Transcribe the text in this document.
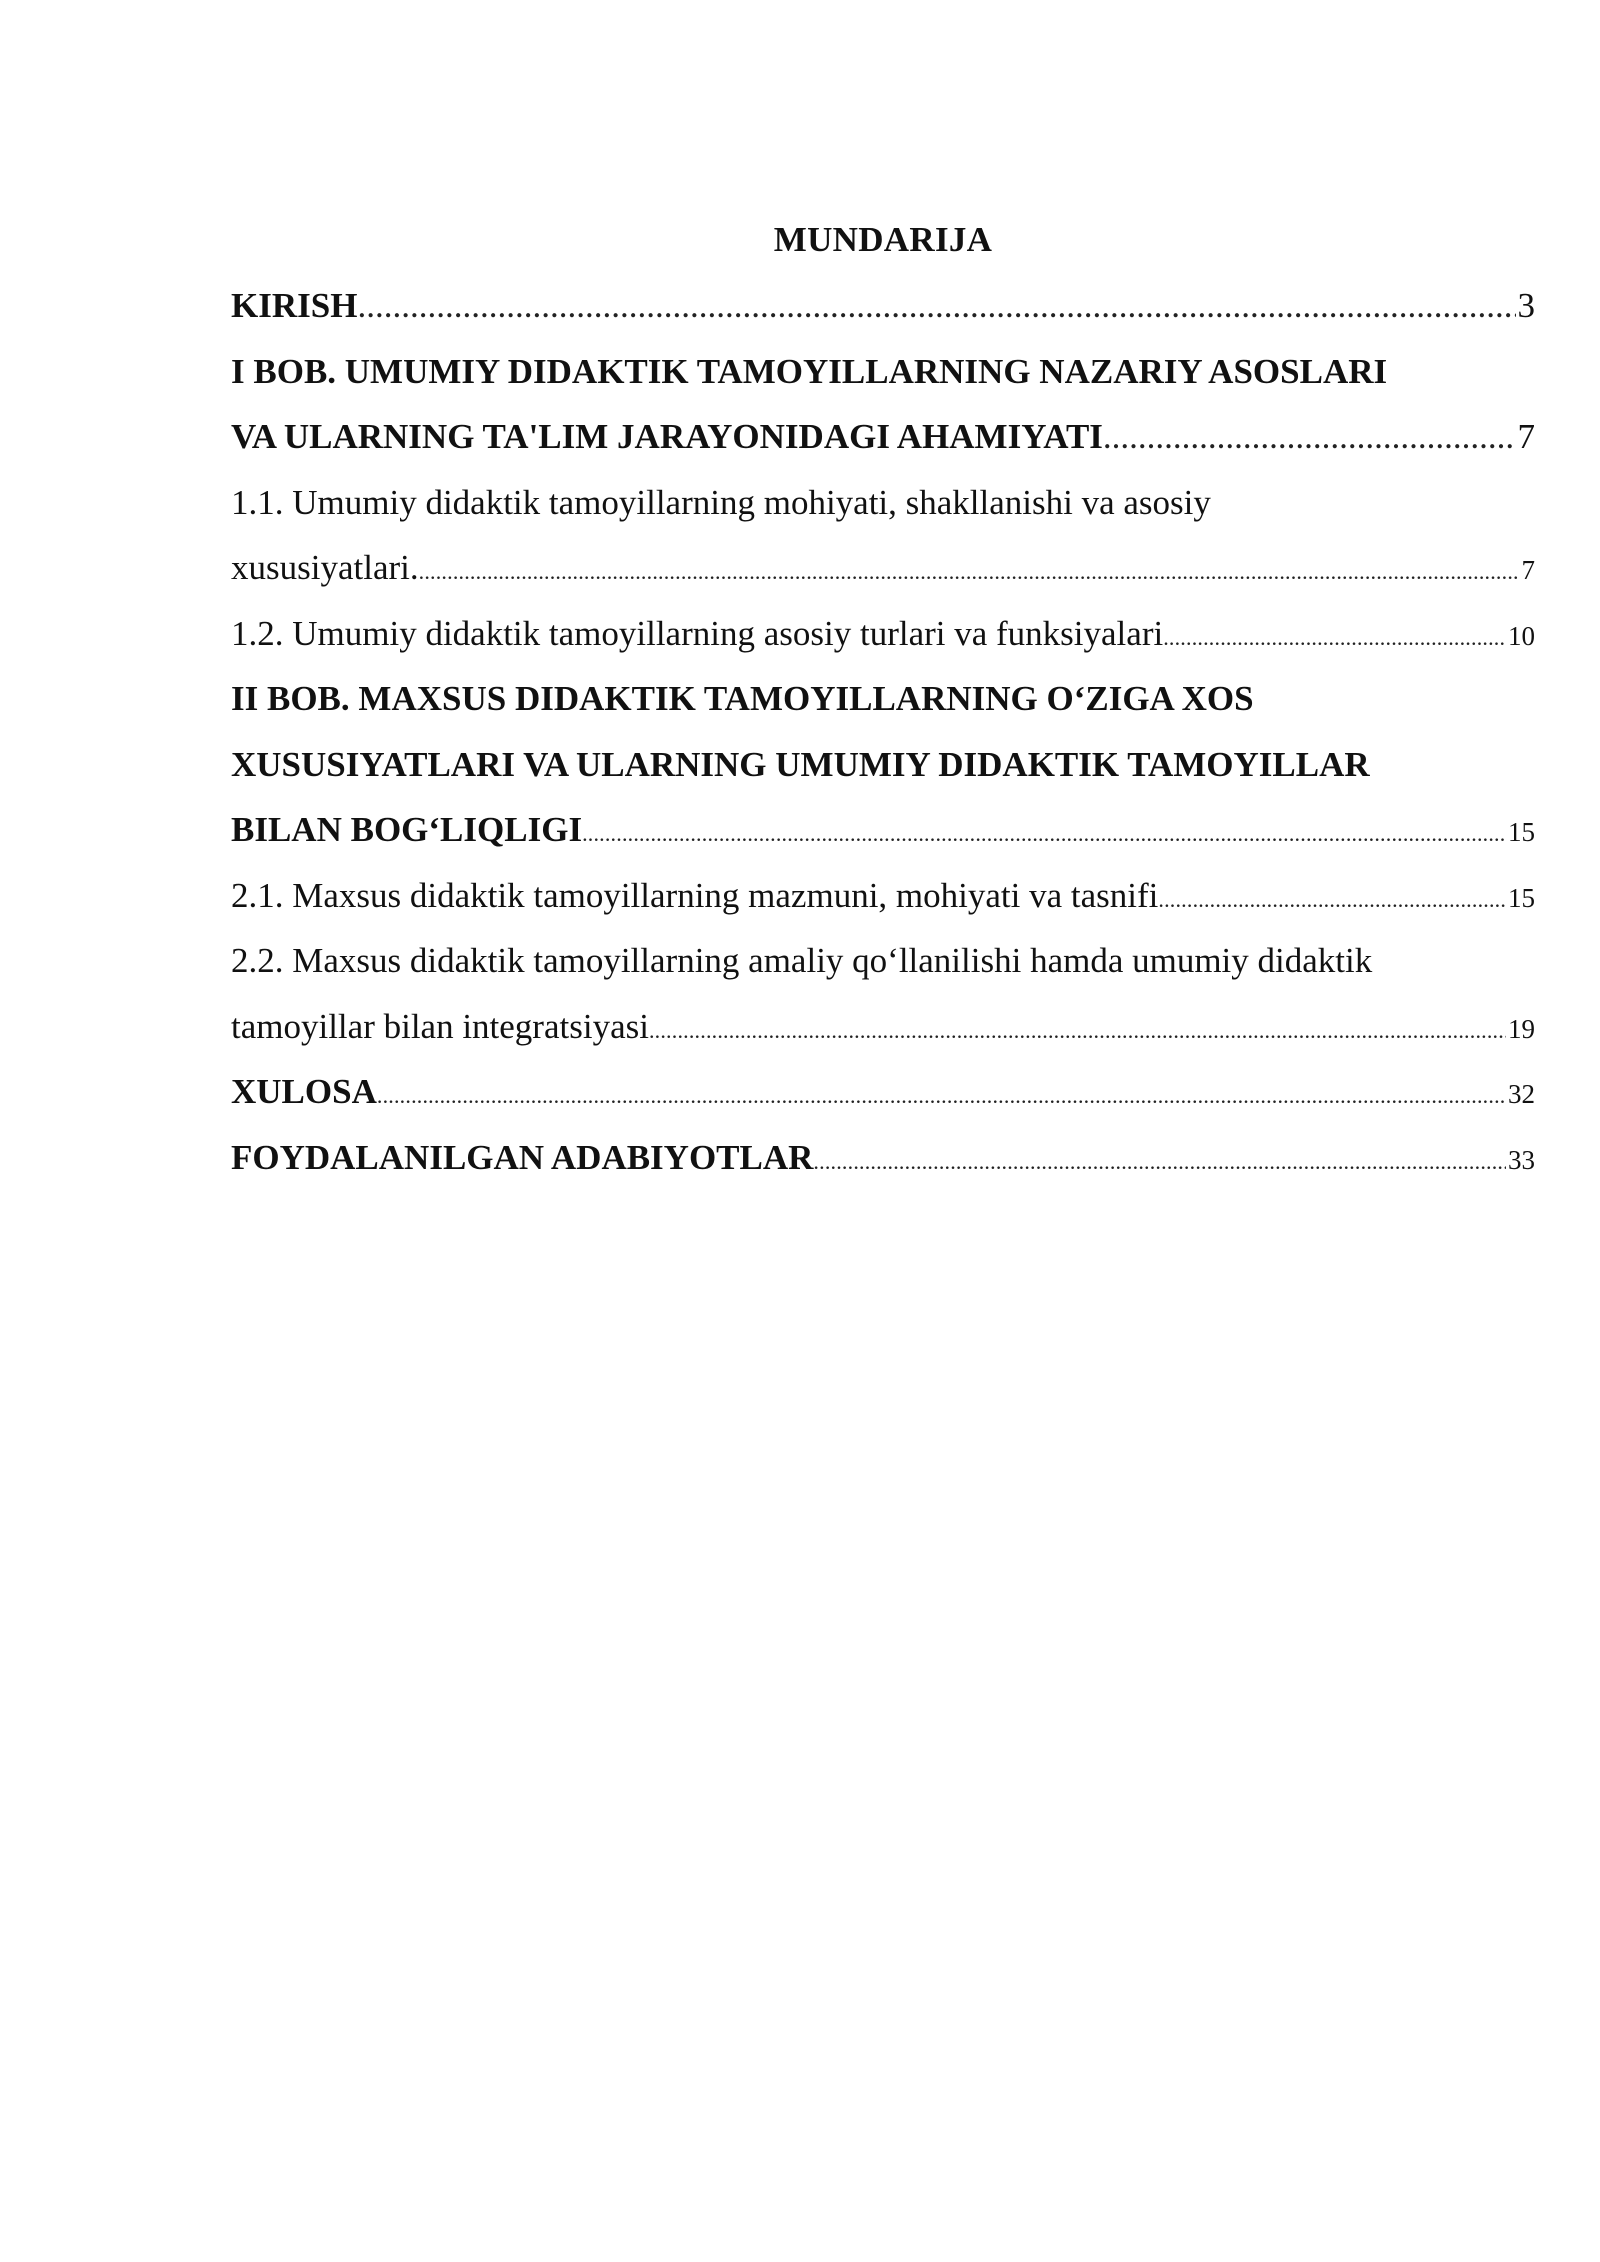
MUNDARIJA
KIRISH .....	3
I BOB. UMUMIY DIDAKTIK TAMOYILLARNING NAZARIY ASOSLARI
VA ULARNING TA'LIM JARAYONIDAGI AHAMIYATI .....	7
1.1. Umumiy didaktik tamoyillarning mohiyati, shakllanishi va asosiy
xususiyatlari. .....	7
1.2. Umumiy didaktik tamoyillarning asosiy turlari va funksiyalari .....	10
II BOB. MAXSUS DIDAKTIK TAMOYILLARNING O‘ZIGA XOS
XUSUSIYATLARI VA ULARNING UMUMIY DIDAKTIK TAMOYILLAR
BILAN BOG‘LIQLIGI .....	15
2.1. Maxsus didaktik tamoyillarning mazmuni, mohiyati va tasnifi .....	15
2.2. Maxsus didaktik tamoyillarning amaliy qo‘llanilishi hamda umumiy didaktik
tamoyillar bilan integratsiyasi .....	19
XULOSA .....	32
FOYDALANILGAN ADABIYOTLAR .....	33
